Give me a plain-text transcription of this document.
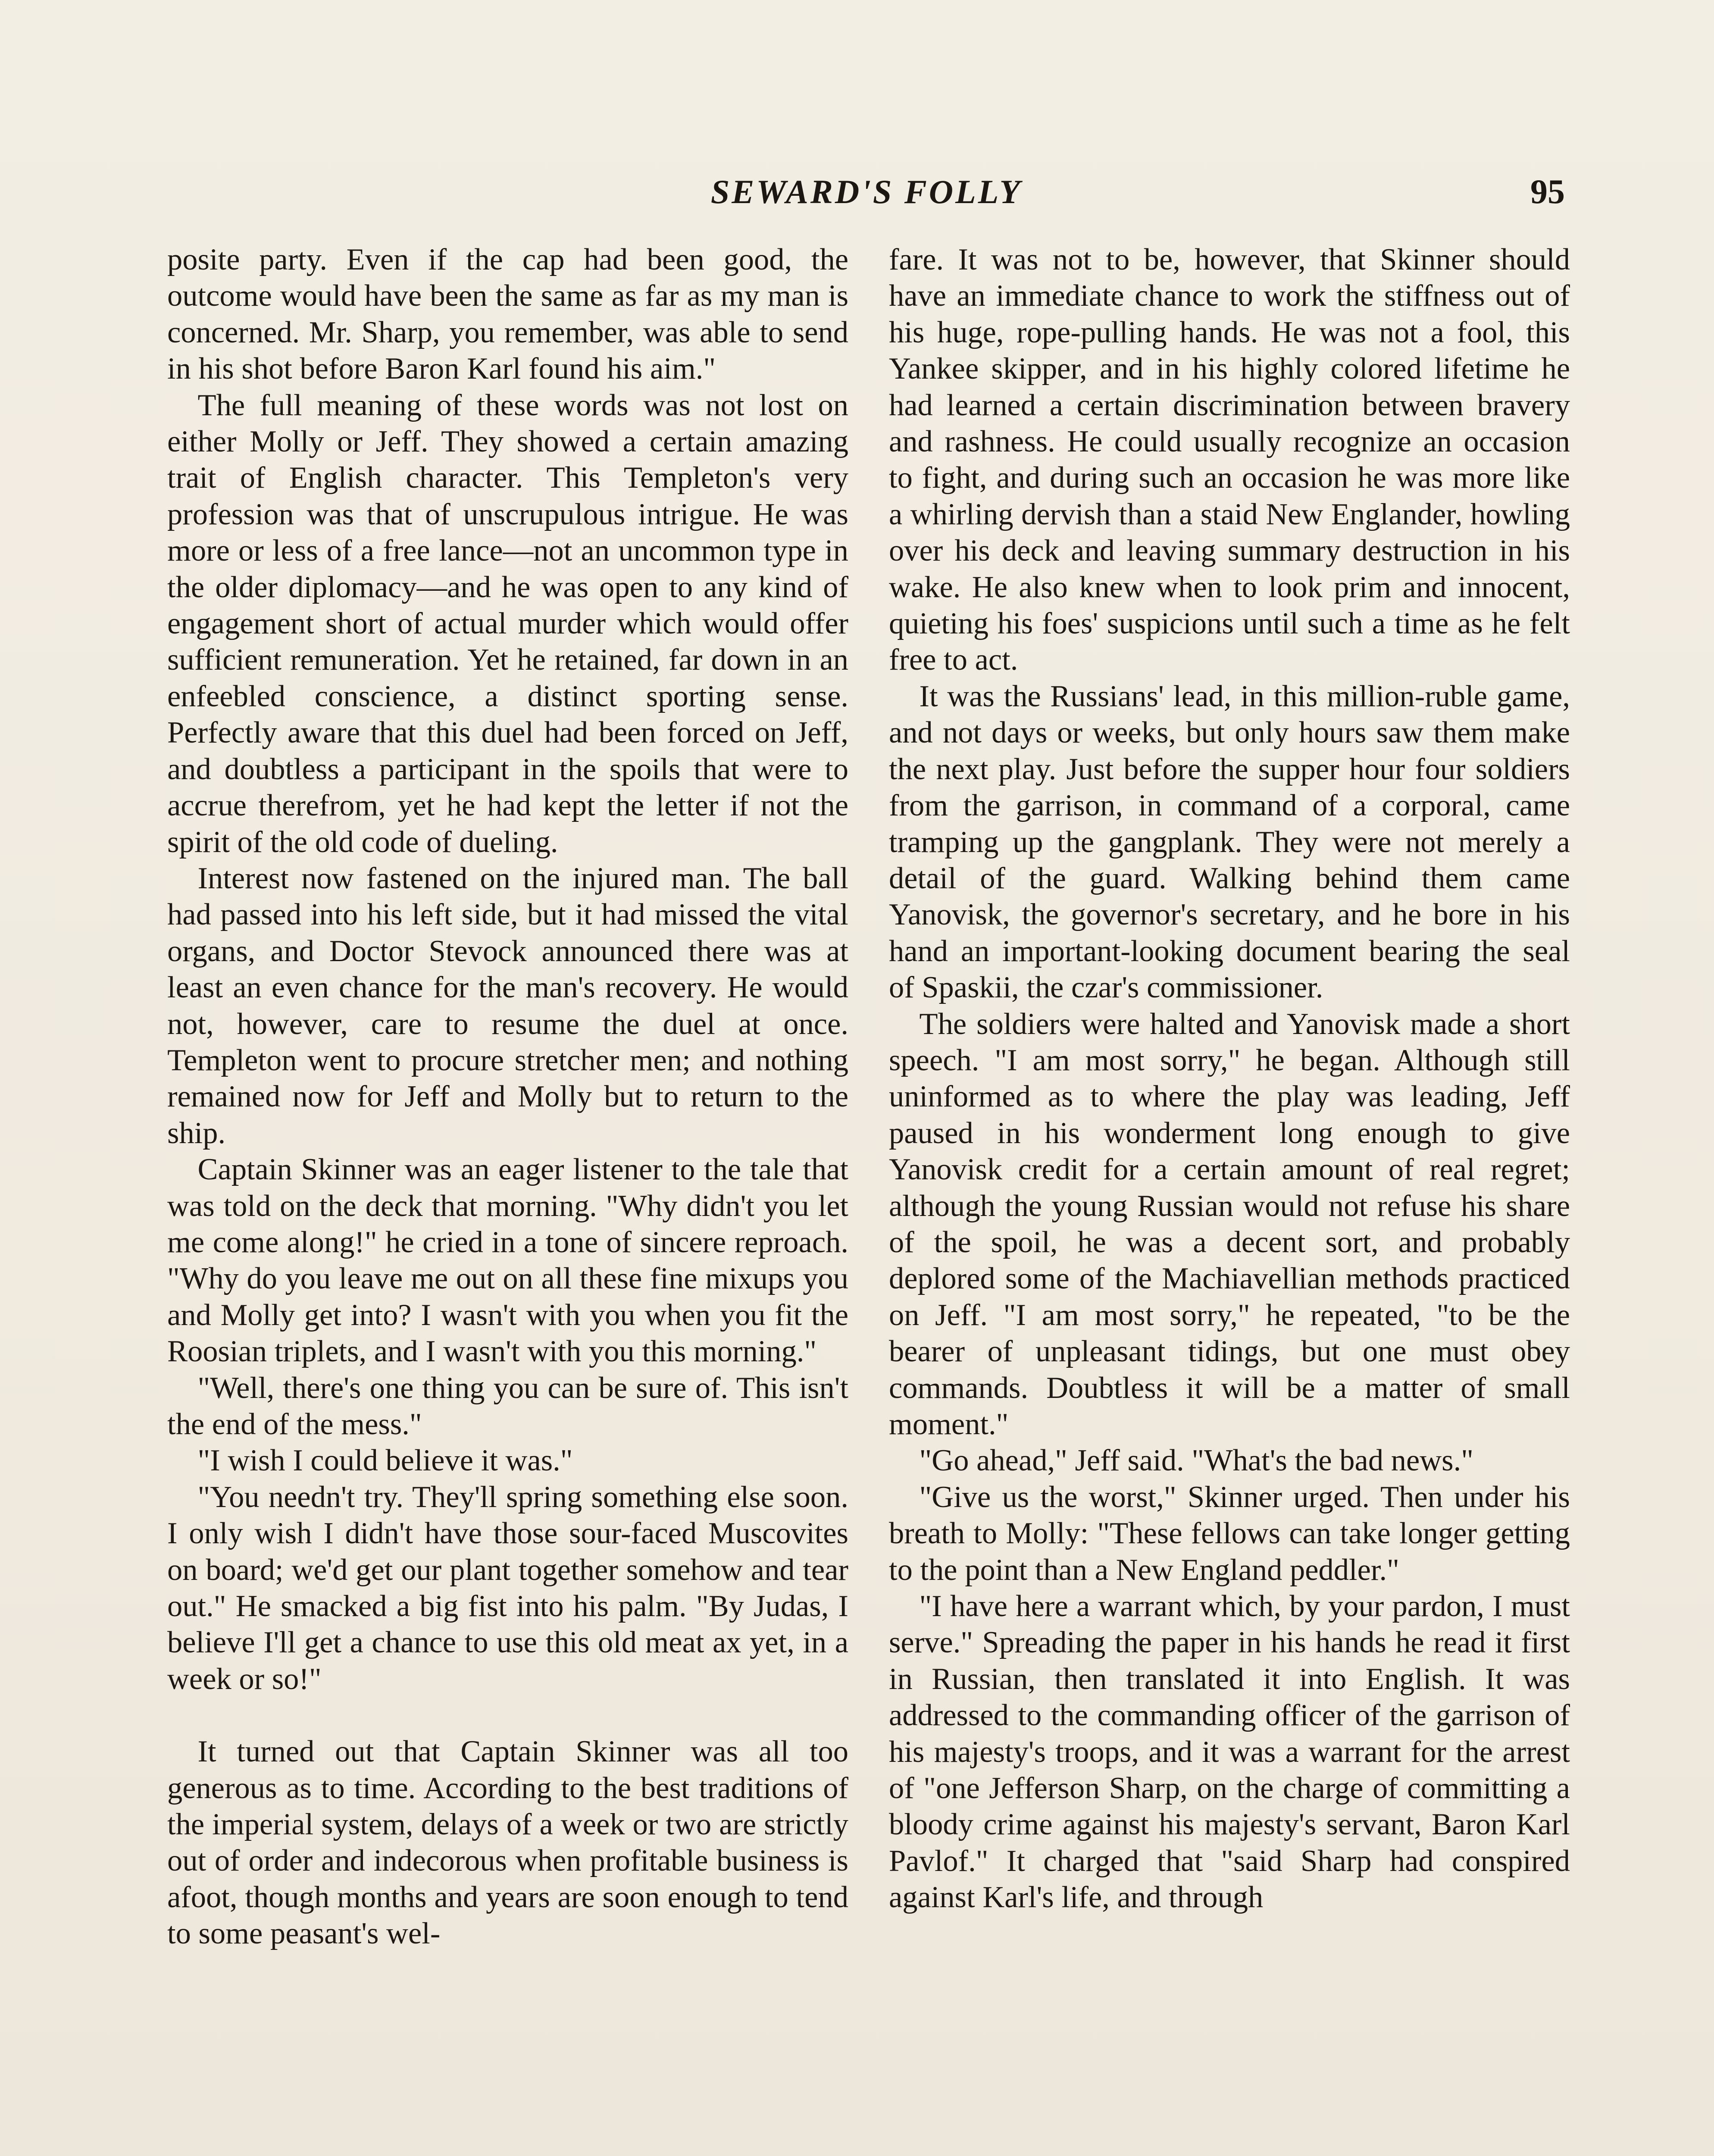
SEWARD'S FOLLY	95

posite party. Even if the cap had been good, the outcome would have been the same as far as my man is concerned. Mr. Sharp, you remember, was able to send in his shot before Baron Karl found his aim."

The full meaning of these words was not lost on either Molly or Jeff. They showed a certain amazing trait of English character. This Templeton's very profession was that of unscrupulous intrigue. He was more or less of a free lance—not an uncommon type in the older diplomacy—and he was open to any kind of engagement short of actual murder which would offer sufficient remuneration. Yet he retained, far down in an enfeebled conscience, a distinct sporting sense. Perfectly aware that this duel had been forced on Jeff, and doubtless a participant in the spoils that were to accrue therefrom, yet he had kept the letter if not the spirit of the old code of dueling.

Interest now fastened on the injured man. The ball had passed into his left side, but it had missed the vital organs, and Doctor Stevock announced there was at least an even chance for the man's recovery. He would not, however, care to resume the duel at once. Templeton went to procure stretcher men; and nothing remained now for Jeff and Molly but to return to the ship.

Captain Skinner was an eager listener to the tale that was told on the deck that morning. "Why didn't you let me come along!" he cried in a tone of sincere reproach. "Why do you leave me out on all these fine mixups you and Molly get into? I wasn't with you when you fit the Roosian triplets, and I wasn't with you this morning."

"Well, there's one thing you can be sure of. This isn't the end of the mess."

"I wish I could believe it was."

"You needn't try. They'll spring something else soon. I only wish I didn't have those sour-faced Muscovites on board; we'd get our plant together somehow and tear out." He smacked a big fist into his palm. "By Judas, I believe I'll get a chance to use this old meat ax yet, in a week or so!"

It turned out that Captain Skinner was all too generous as to time. According to the best traditions of the imperial system, delays of a week or two are strictly out of order and indecorous when profitable business is afoot, though months and years are soon enough to tend to some peasant's wel-

fare. It was not to be, however, that Skinner should have an immediate chance to work the stiffness out of his huge, rope-pulling hands. He was not a fool, this Yankee skipper, and in his highly colored lifetime he had learned a certain discrimination between bravery and rashness. He could usually recognize an occasion to fight, and during such an occasion he was more like a whirling dervish than a staid New Englander, howling over his deck and leaving summary destruction in his wake. He also knew when to look prim and innocent, quieting his foes' suspicions until such a time as he felt free to act.

It was the Russians' lead, in this million-ruble game, and not days or weeks, but only hours saw them make the next play. Just before the supper hour four soldiers from the garrison, in command of a corporal, came tramping up the gangplank. They were not merely a detail of the guard. Walking behind them came Yanovisk, the governor's secretary, and he bore in his hand an important-looking document bearing the seal of Spaskii, the czar's commissioner.

The soldiers were halted and Yanovisk made a short speech. "I am most sorry," he began. Although still uninformed as to where the play was leading, Jeff paused in his wonderment long enough to give Yanovisk credit for a certain amount of real regret; although the young Russian would not refuse his share of the spoil, he was a decent sort, and probably deplored some of the Machiavellian methods practiced on Jeff. "I am most sorry," he repeated, "to be the bearer of unpleasant tidings, but one must obey commands. Doubtless it will be a matter of small moment."

"Go ahead," Jeff said. "What's the bad news."

"Give us the worst," Skinner urged. Then under his breath to Molly: "These fellows can take longer getting to the point than a New England peddler."

"I have here a warrant which, by your pardon, I must serve." Spreading the paper in his hands he read it first in Russian, then translated it into English. It was addressed to the commanding officer of the garrison of his majesty's troops, and it was a warrant for the arrest of "one Jefferson Sharp, on the charge of committing a bloody crime against his majesty's servant, Baron Karl Pavlof." It charged that "said Sharp had conspired against Karl's life, and through
